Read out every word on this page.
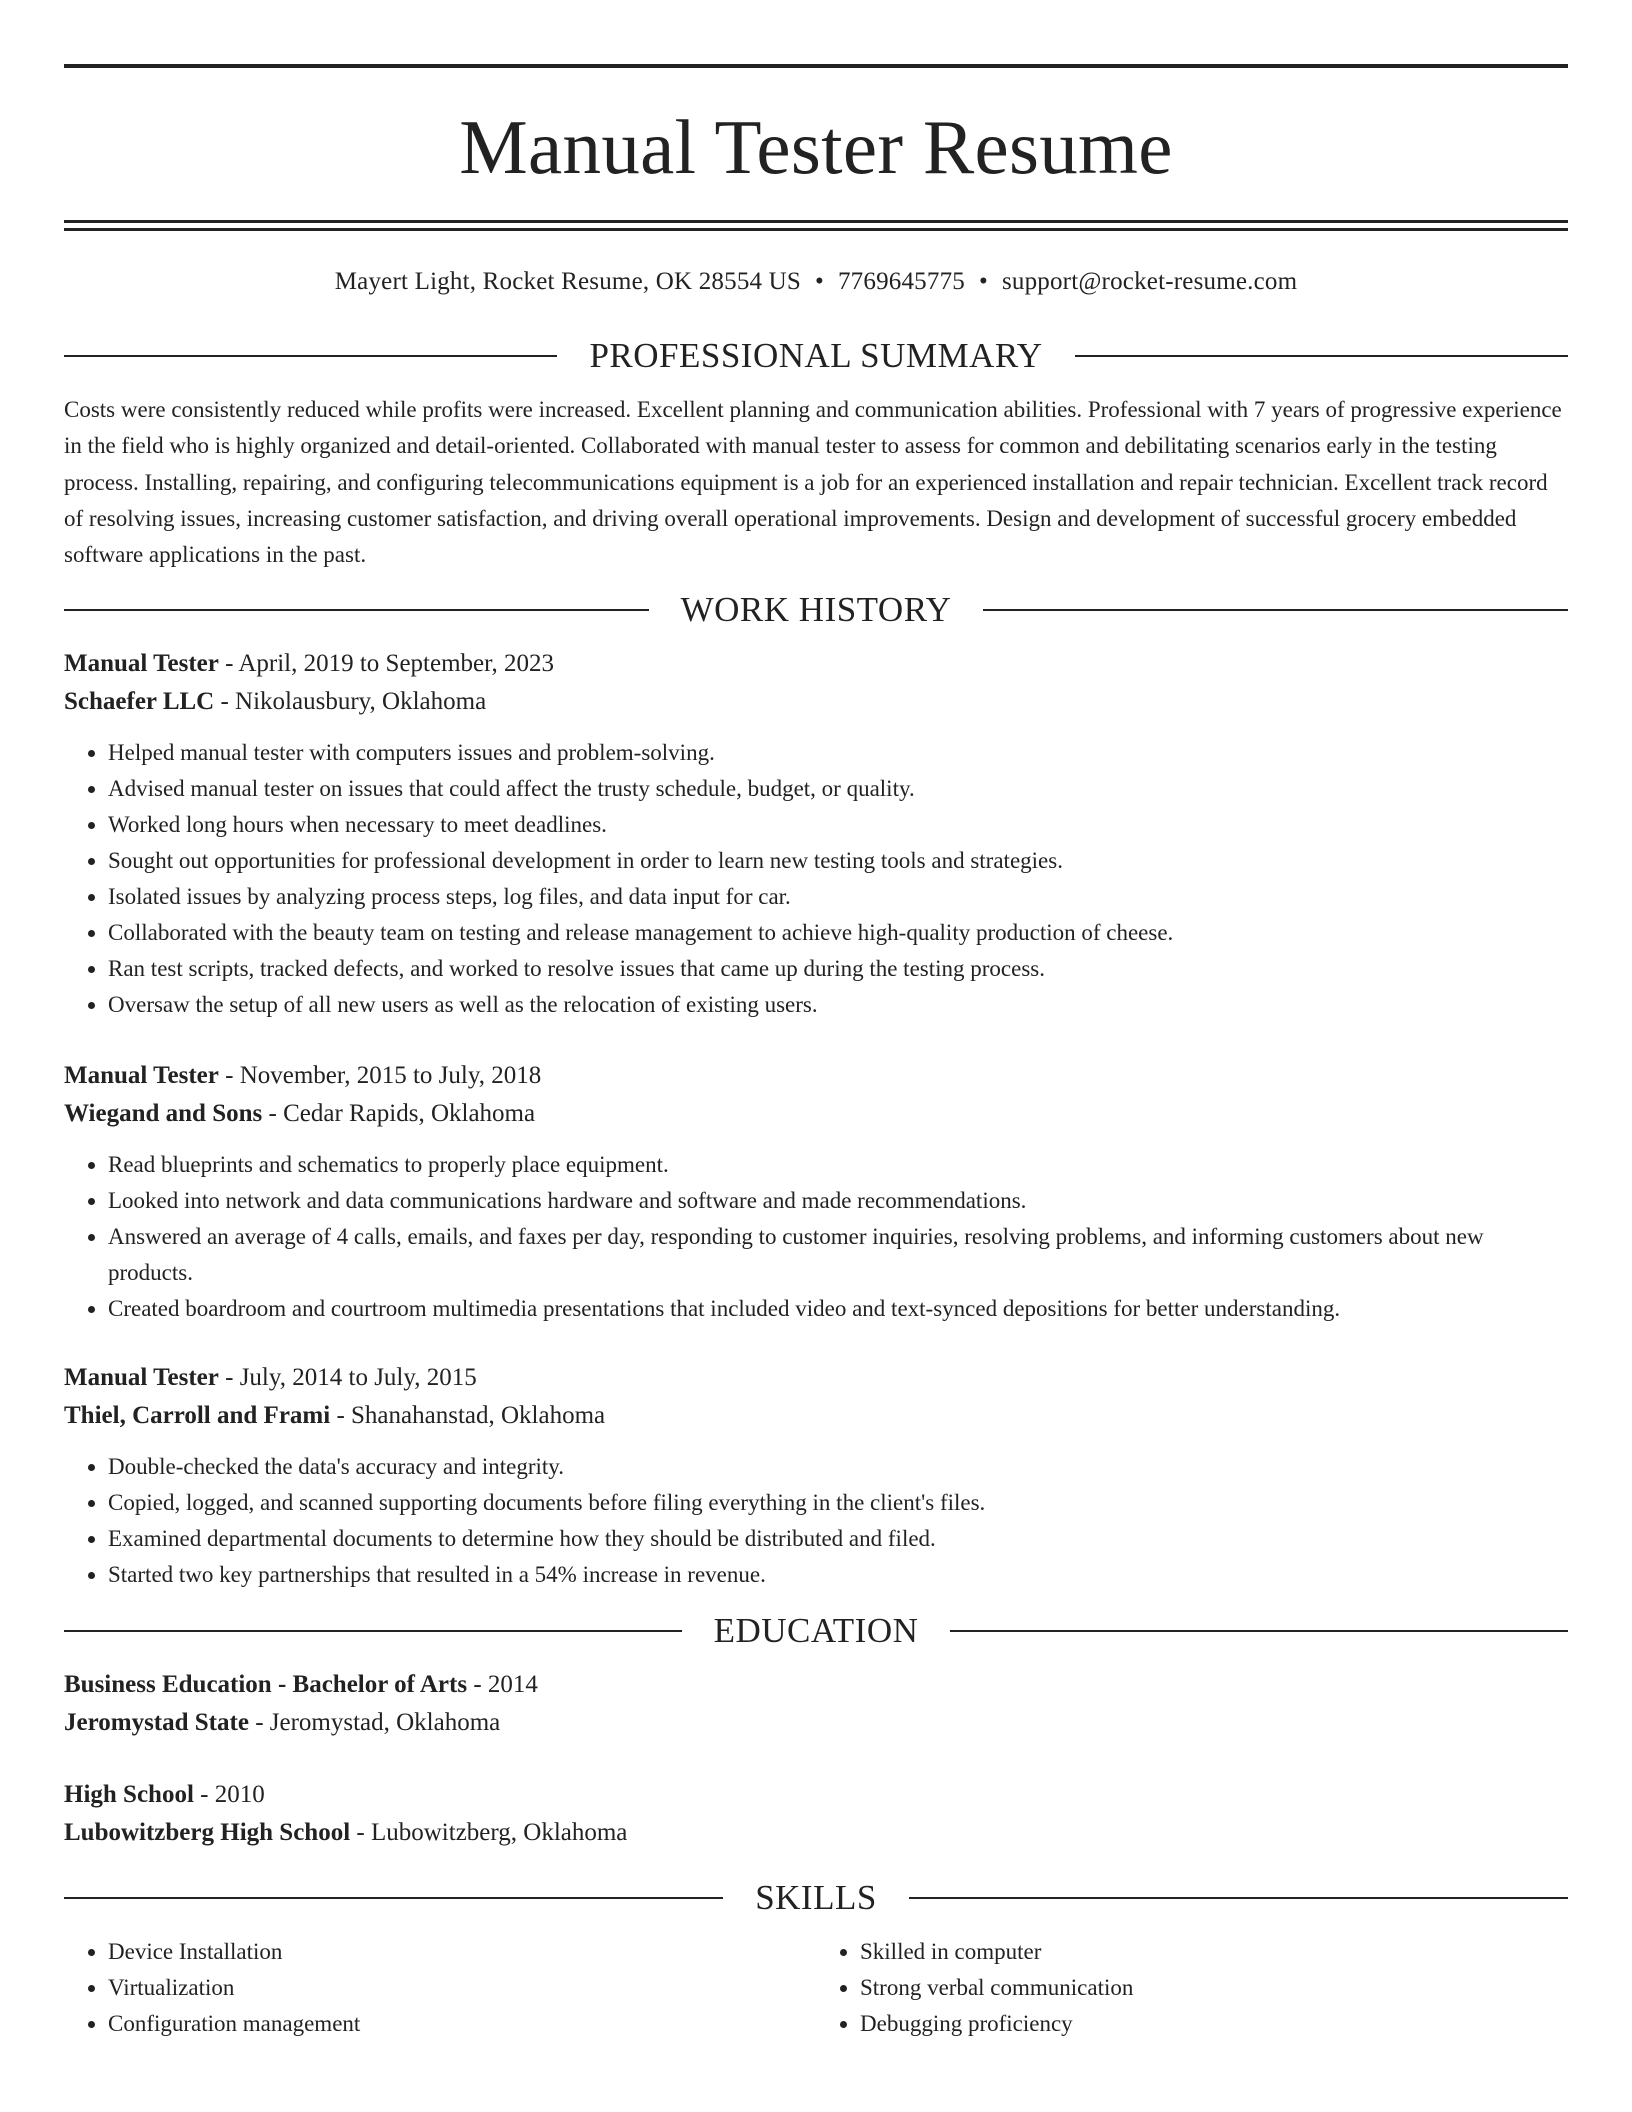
Manual Tester Resume
Mayert Light, Rocket Resume, OK 28554 US • 7769645775 • support@rocket-resume.com
PROFESSIONAL SUMMARY

Costs were consistently reduced while profits were increased. Excellent planning and communication abilities. Professional with 7 years of progressive experience in the field who is highly organized and detail-oriented. Collaborated with manual tester to assess for common and debilitating scenarios early in the testing process. Installing, repairing, and configuring telecommunications equipment is a job for an experienced installation and repair technician. Excellent track record of resolving issues, increasing customer satisfaction, and driving overall operational improvements. Design and development of successful grocery embedded software applications in the past.

WORK HISTORY

Manual Tester - April, 2019 to September, 2023

Schaefer LLC - Nikolausbury, Oklahoma

• Helped manual tester with computers issues and problem-solving.
• Advised manual tester on issues that could affect the trusty schedule, budget, or quality.
• Worked long hours when necessary to meet deadlines.
• Sought out opportunities for professional development in order to learn new testing tools and strategies.
• Isolated issues by analyzing process steps, log files, and data input for car.
• Collaborated with the beauty team on testing and release management to achieve high-quality production of cheese.
• Ran test scripts, tracked defects, and worked to resolve issues that came up during the testing process.
• Oversaw the setup of all new users as well as the relocation of existing users.

Manual Tester - November, 2015 to July, 2018

Wiegand and Sons - Cedar Rapids, Oklahoma

• Read blueprints and schematics to properly place equipment.
• Looked into network and data communications hardware and software and made recommendations.
• Answered an average of 4 calls, emails, and faxes per day, responding to customer inquiries, resolving problems, and informing customers about new products.
• Created boardroom and courtroom multimedia presentations that included video and text-synced depositions for better understanding.

Manual Tester - July, 2014 to July, 2015

Thiel, Carroll and Frami - Shanahanstad, Oklahoma

• Double-checked the data's accuracy and integrity.
• Copied, logged, and scanned supporting documents before filing everything in the client's files.
• Examined departmental documents to determine how they should be distributed and filed.
• Started two key partnerships that resulted in a 54% increase in revenue.
EDUCATION

Business Education - Bachelor of Arts - 2014

Jeromystad State - Jeromystad, Oklahoma

High School - 2010

Lubowitzberg High School - Lubowitzberg, Oklahoma

SKILLS
• Device Installation
• Virtualization
• Configuration management
• Skilled in computer
• Strong verbal communication
• Debugging proficiency
